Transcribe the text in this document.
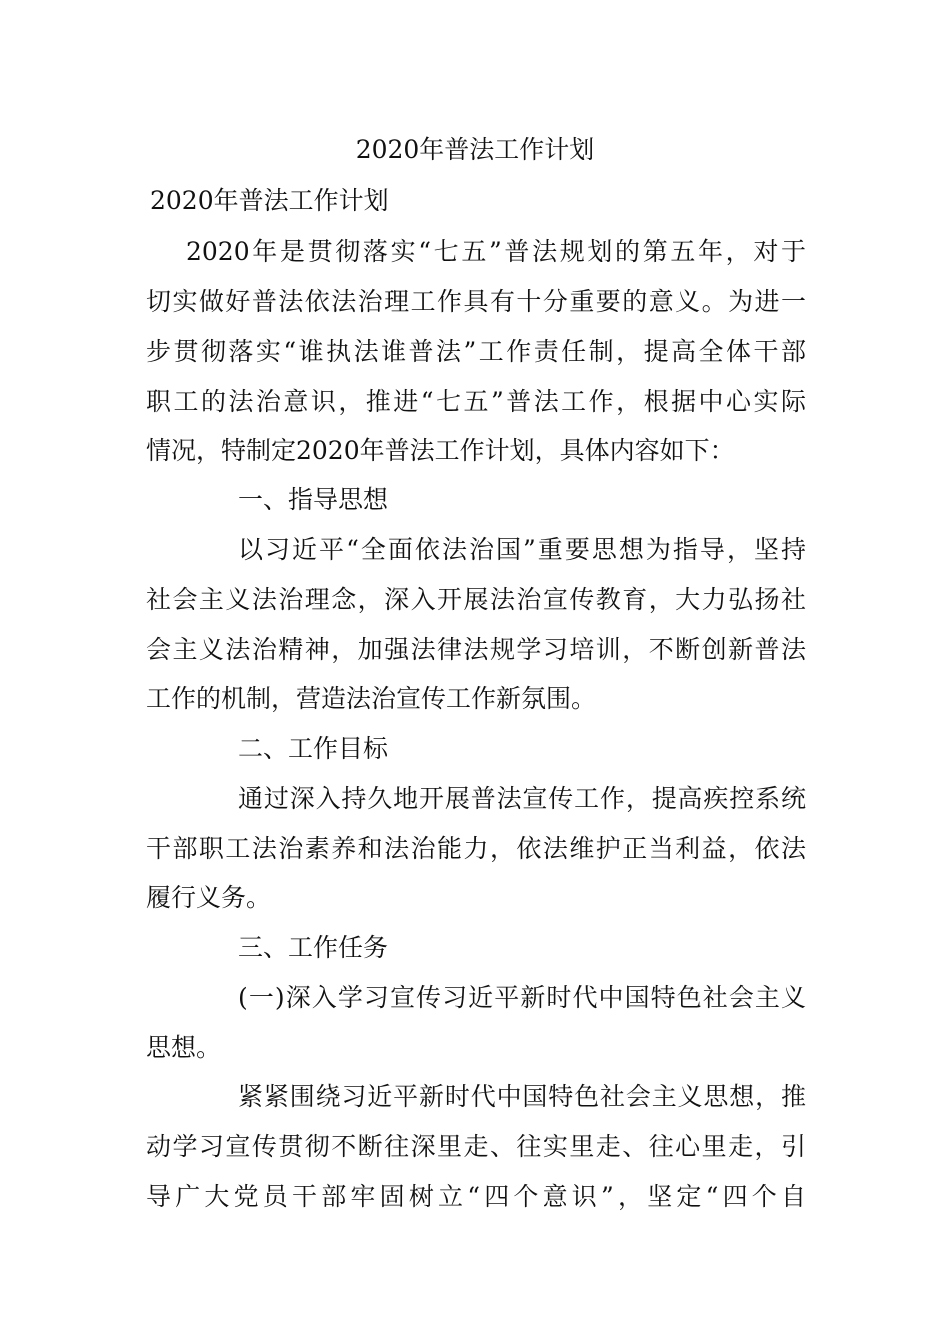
2020年普法工作计划
2020年普法工作计划
2020年是贯彻落实“七五”普法规划的第五年，对于
切实做好普法依法治理工作具有十分重要的意义。为进一
步贯彻落实“谁执法谁普法”工作责任制，提高全体干部
职工的法治意识，推进“七五”普法工作，根据中心实际
情况，特制定2020年普法工作计划，具体内容如下：
一、指导思想
以习近平“全面依法治国”重要思想为指导，坚持
社会主义法治理念，深入开展法治宣传教育，大力弘扬社
会主义法治精神，加强法律法规学习培训，不断创新普法
工作的机制，营造法治宣传工作新氛围。
二、工作目标
通过深入持久地开展普法宣传工作，提高疾控系统
干部职工法治素养和法治能力，依法维护正当利益，依法
履行义务。
三、工作任务
(一)深入学习宣传习近平新时代中国特色社会主义
思想。
紧紧围绕习近平新时代中国特色社会主义思想，推
动学习宣传贯彻不断往深里走、往实里走、往心里走，引
导广大党员干部牢固树立“四个意识”，坚定“四个自
